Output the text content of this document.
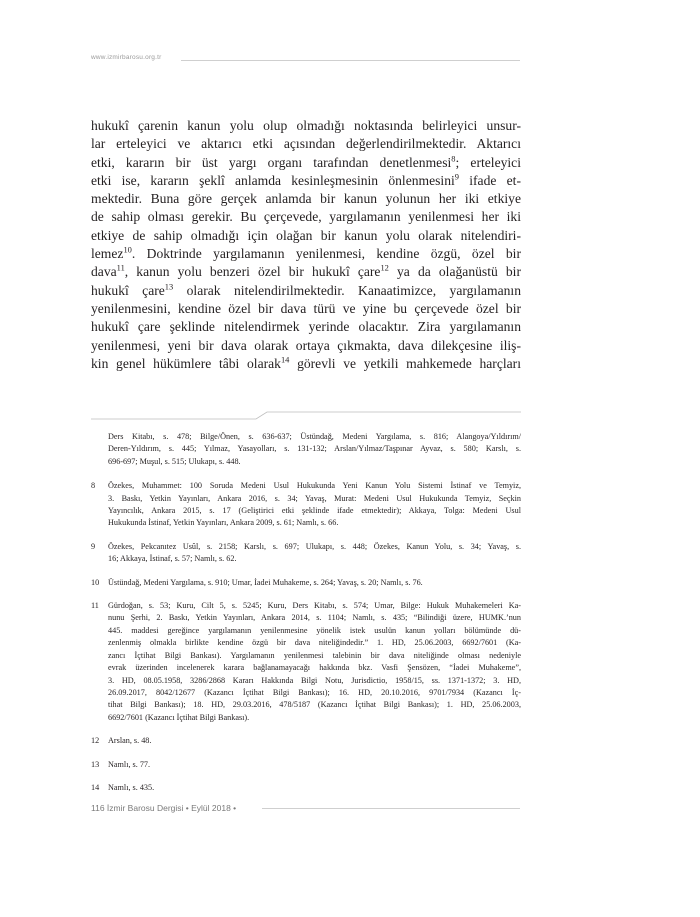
www.izmirbarosu.org.tr
hukukî çarenin kanun yolu olup olmadığı noktasında belirleyici unsur-
lar erteleyici ve aktarıcı etki açısından değerlendirilmektedir. Aktarıcı
etki, kararın bir üst yargı organı tarafından denetlenmesi$^8$; erteleyici
etki ise, kararın şeklî anlamda kesinleşmesinin önlenmesini$^9$ ifade et-
mektedir. Buna göre gerçek anlamda bir kanun yolunun her iki etkiye
de sahip olması gerekir. Bu çerçevede, yargılamanın yenilenmesi her iki
etkiye de sahip olmadığı için olağan bir kanun yolu olarak nitelendiri-
lemez$^{10}$. Doktrinde yargılamanın yenilenmesi, kendine özgü, özel bir
dava$^{11}$, kanun yolu benzeri özel bir hukukî çare$^{12}$ ya da olağanüstü bir
hukukî çare$^{13}$ olarak nitelendirilmektedir. Kanaatimizce, yargılamanın
yenilenmesini, kendine özel bir dava türü ve yine bu çerçevede özel bir
hukukî çare şeklinde nitelendirmek yerinde olacaktır. Zira yargılamanın
yenilenmesi, yeni bir dava olarak ortaya çıkmakta, dava dilekçesine iliş-
kin genel hükümlere tâbi olarak$^{14}$ görevli ve yetkili mahkemede harçları
Ders Kitabı, s. 478; Bilge/Önen, s. 636-637; Üstündağ, Medeni Yargılama, s. 816; Alangoya/Yıldırım/
Deren-Yıldırım, s. 445; Yılmaz, Yasayolları, s. 131-132; Arslan/Yılmaz/Taşpınar Ayvaz, s. 580; Karslı, s.
696-697; Muşul, s. 515; Ulukapı, s. 448.
8 Özekes, Muhammet: 100 Soruda Medeni Usul Hukukunda Yeni Kanun Yolu Sistemi İstinaf ve Temyiz,
3. Baskı, Yetkin Yayınları, Ankara 2016, s. 34; Yavaş, Murat: Medeni Usul Hukukunda Temyiz, Seçkin
Yayıncılık, Ankara 2015, s. 17 (Geliştirici etki şeklinde ifade etmektedir); Akkaya, Tolga: Medeni Usul
Hukukunda İstinaf, Yetkin Yayınları, Ankara 2009, s. 61; Namlı, s. 66.
9 Özekes, Pekcanıtez Usûl, s. 2158; Karslı, s. 697; Ulukapı, s. 448; Özekes, Kanun Yolu, s. 34; Yavaş, s.
16; Akkaya, İstinaf, s. 57; Namlı, s. 62.
10 Üstündağ, Medeni Yargılama, s. 910; Umar, İadei Muhakeme, s. 264; Yavaş, s. 20; Namlı, s. 76.
11 Gürdoğan, s. 53; Kuru, Cilt 5, s. 5245; Kuru, Ders Kitabı, s. 574; Umar, Bilge: Hukuk Muhakemeleri Ka-
nunu Şerhi, 2. Baskı, Yetkin Yayınları, Ankara 2014, s. 1104; Namlı, s. 435; “Bilindiği üzere, HUMK.’nun
445. maddesi gereğince yargılamanın yenilenmesine yönelik istek usulün kanun yolları bölümünde dü-
zenlenmiş olmakla birlikte kendine özgü bir dava niteliğindedir.” 1. HD, 25.06.2003, 6692/7601 (Ka-
zancı İçtihat Bilgi Bankası). Yargılamanın yenilenmesi talebinin bir dava niteliğinde olması nedeniyle
evrak üzerinden incelenerek karara bağlanamayacağı hakkında bkz. Vasfi Şensözen, “İadei Muhakeme”,
3. HD, 08.05.1958, 3286/2868 Kararı Hakkında Bilgi Notu, Jurisdictio, 1958/15, ss. 1371-1372; 3. HD,
26.09.2017, 8042/12677 (Kazancı İçtihat Bilgi Bankası); 16. HD, 20.10.2016, 9701/7934 (Kazancı İç-
tihat Bilgi Bankası); 18. HD, 29.03.2016, 478/5187 (Kazancı İçtihat Bilgi Bankası); 1. HD, 25.06.2003,
6692/7601 (Kazancı İçtihat Bilgi Bankası).
12 Arslan, s. 48.
13 Namlı, s. 77.
14 Namlı, s. 435.
116 İzmir Barosu Dergisi • Eylül 2018 •
